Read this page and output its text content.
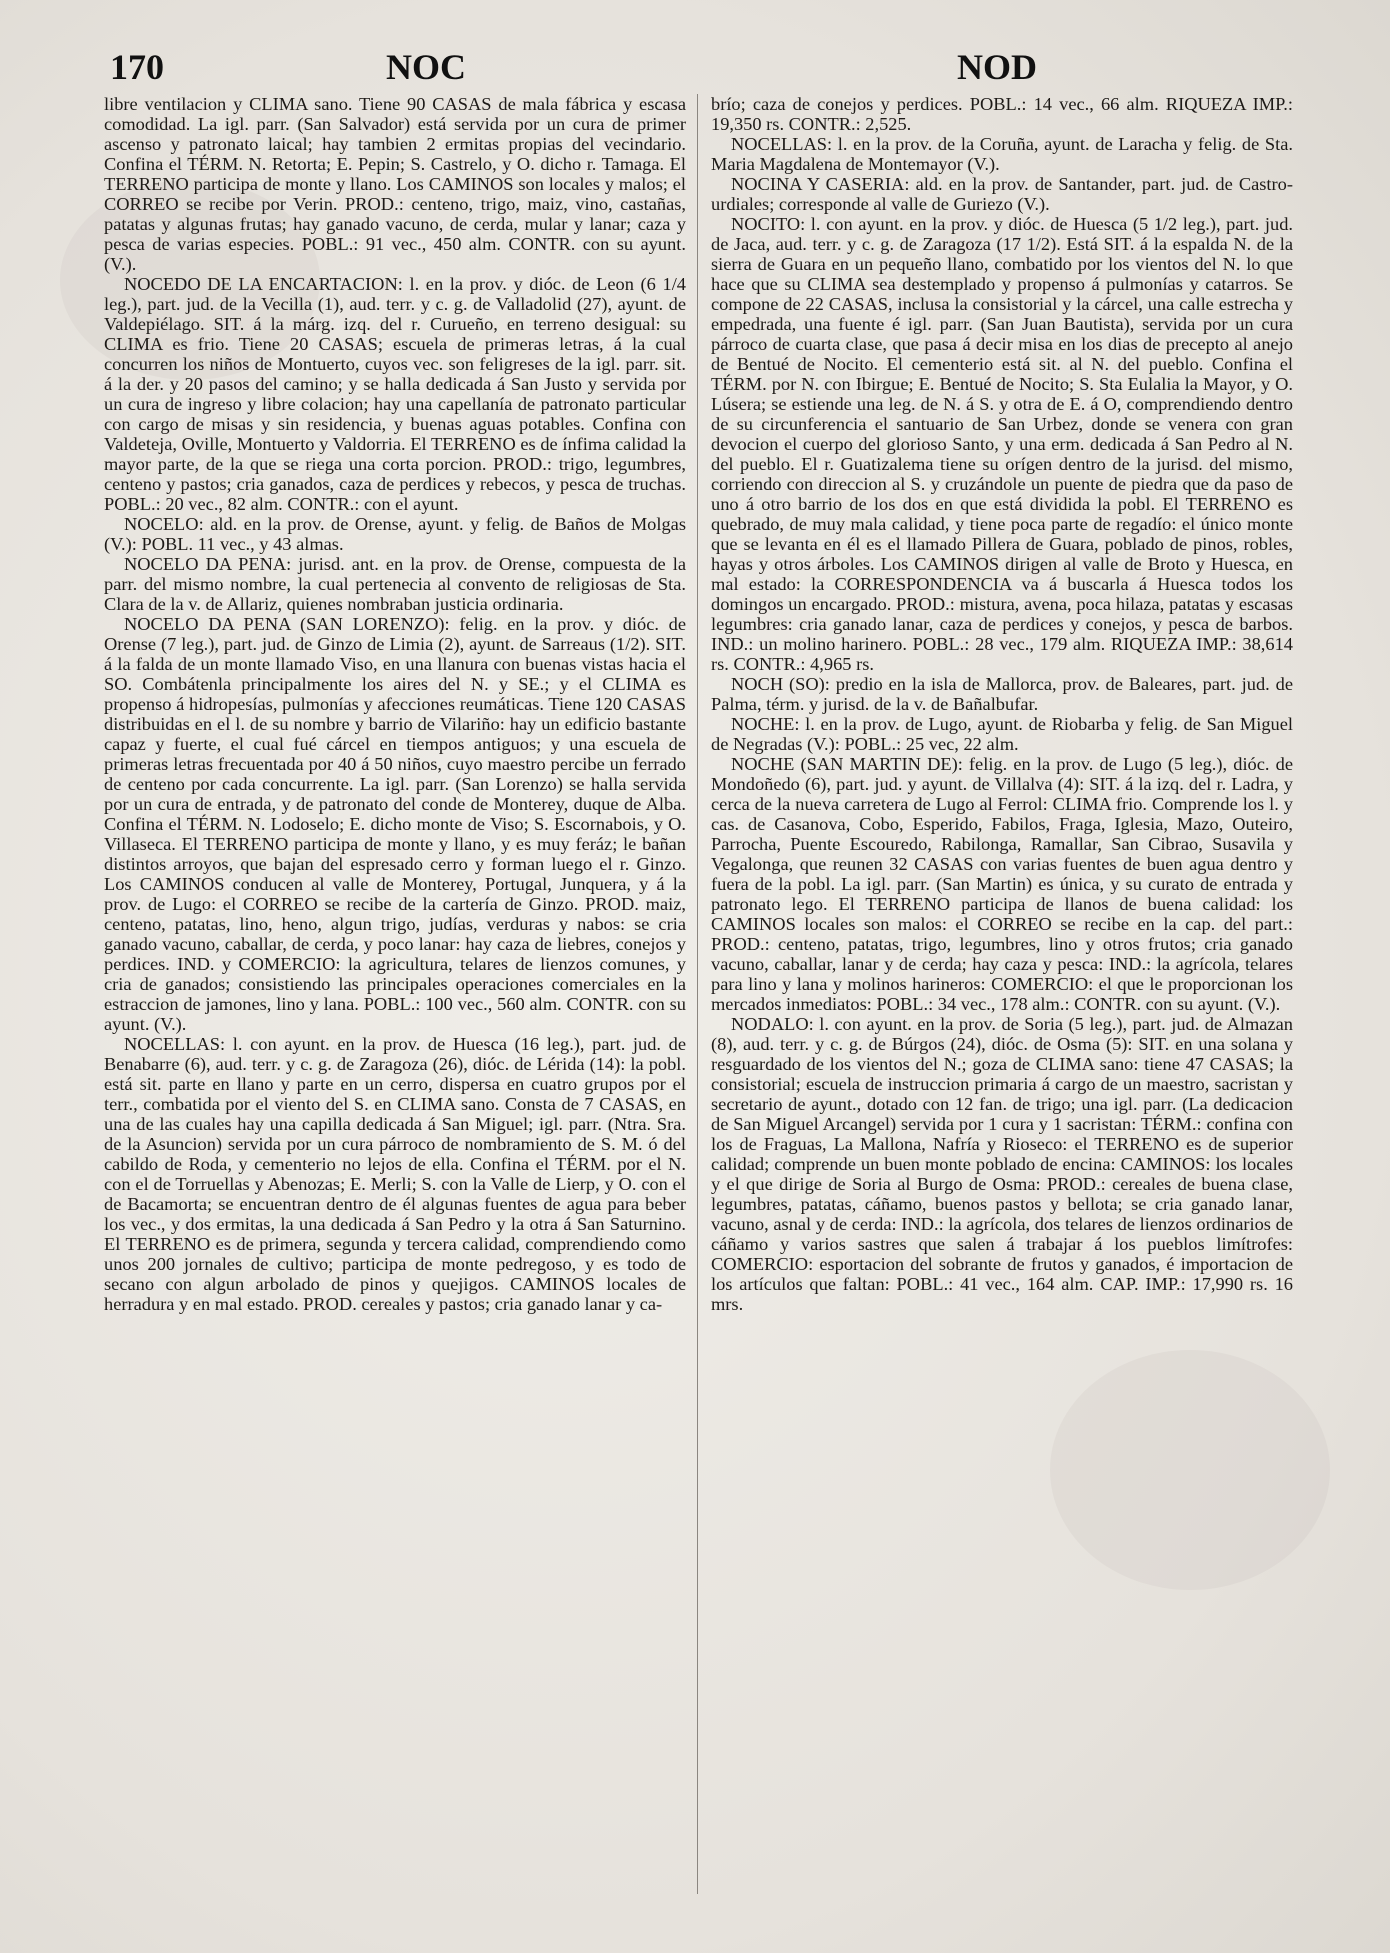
170	NOC	NOD

libre ventilacion y CLIMA sano. Tiene 90 CASAS de mala fábrica y escasa comodidad. La igl. parr. (San Salvador) está servida por un cura de primer ascenso y patronato laical; hay tambien 2 ermitas propias del vecindario. Confina el TÉRM. N. Retorta; E. Pepin; S. Castrelo, y O. dicho r. Tamaga. El TERRENO participa de monte y llano. Los CAMINOS son locales y malos; el CORREO se recibe por Verin. PROD.: centeno, trigo, maiz, vino, castañas, patatas y algunas frutas; hay ganado vacuno, de cerda, mular y lanar; caza y pesca de varias especies. POBL.: 91 vec., 450 alm. CONTR. con su ayunt. (V.).

NOCEDO DE LA ENCARTACION: l. en la prov. y dióc. de Leon (6 1/4 leg.), part. jud. de la Vecilla (1), aud. terr. y c. g. de Valladolid (27), ayunt. de Valdepiélago. SIT. á la márg. izq. del r. Curueño, en terreno desigual: su CLIMA es frio. Tiene 20 CASAS; escuela de primeras letras, á la cual concurren los niños de Montuerto, cuyos vec. son feligreses de la igl. parr. sit. á la der. y 20 pasos del camino; y se halla dedicada á San Justo y servida por un cura de ingreso y libre colacion; hay una capellanía de patronato particular con cargo de misas y sin residencia, y buenas aguas potables. Confina con Valdeteja, Oville, Montuerto y Valdorria. El TERRENO es de ínfima calidad la mayor parte, de la que se riega una corta porcion. PROD.: trigo, legumbres, centeno y pastos; cria ganados, caza de perdices y rebecos, y pesca de truchas. POBL.: 20 vec., 82 alm. CONTR.: con el ayunt.

NOCELO: ald. en la prov. de Orense, ayunt. y felig. de Baños de Molgas (V.): POBL. 11 vec., y 43 almas.

NOCELO DA PENA: jurisd. ant. en la prov. de Orense, compuesta de la parr. del mismo nombre, la cual pertenecia al convento de religiosas de Sta. Clara de la v. de Allariz, quienes nombraban justicia ordinaria.

NOCELO DA PENA (SAN LORENZO): felig. en la prov. y dióc. de Orense (7 leg.), part. jud. de Ginzo de Limia (2), ayunt. de Sarreaus (1/2). SIT. á la falda de un monte llamado Viso, en una llanura con buenas vistas hacia el SO. Combátenla principalmente los aires del N. y SE.; y el CLIMA es propenso á hidropesías, pulmonías y afecciones reumáticas. Tiene 120 CASAS distribuidas en el l. de su nombre y barrio de Vilariño: hay un edificio bastante capaz y fuerte, el cual fué cárcel en tiempos antiguos; y una escuela de primeras letras frecuentada por 40 á 50 niños, cuyo maestro percibe un ferrado de centeno por cada concurrente. La igl. parr. (San Lorenzo) se halla servida por un cura de entrada, y de patronato del conde de Monterey, duque de Alba. Confina el TÉRM. N. Lodoselo; E. dicho monte de Viso; S. Escornabois, y O. Villaseca. El TERRENO participa de monte y llano, y es muy feráz; le bañan distintos arroyos, que bajan del espresado cerro y forman luego el r. Ginzo. Los CAMINOS conducen al valle de Monterey, Portugal, Junquera, y á la prov. de Lugo: el CORREO se recibe de la cartería de Ginzo. PROD. maiz, centeno, patatas, lino, heno, algun trigo, judías, verduras y nabos: se cria ganado vacuno, caballar, de cerda, y poco lanar: hay caza de liebres, conejos y perdices. IND. y COMERCIO: la agricultura, telares de lienzos comunes, y cria de ganados; consistiendo las principales operaciones comerciales en la estraccion de jamones, lino y lana. POBL.: 100 vec., 560 alm. CONTR. con su ayunt. (V.).

NOCELLAS: l. con ayunt. en la prov. de Huesca (16 leg.), part. jud. de Benabarre (6), aud. terr. y c. g. de Zaragoza (26), dióc. de Lérida (14): la pobl. está sit. parte en llano y parte en un cerro, dispersa en cuatro grupos por el terr., combatida por el viento del S. en CLIMA sano. Consta de 7 CASAS, en una de las cuales hay una capilla dedicada á San Miguel; igl. parr. (Ntra. Sra. de la Asuncion) servida por un cura párroco de nombramiento de S. M. ó del cabildo de Roda, y cementerio no lejos de ella. Confina el TÉRM. por el N. con el de Torruellas y Abenozas; E. Merli; S. con la Valle de Lierp, y O. con el de Bacamorta; se encuentran dentro de él algunas fuentes de agua para beber los vec., y dos ermitas, la una dedicada á San Pedro y la otra á San Saturnino. El TERRENO es de primera, segunda y tercera calidad, comprendiendo como unos 200 jornales de cultivo; participa de monte pedregoso, y es todo de secano con algun arbolado de pinos y quejigos. CAMINOS locales de herradura y en mal estado. PROD. cereales y pastos; cria ganado lanar y ca-

brío; caza de conejos y perdices. POBL.: 14 vec., 66 alm. RIQUEZA IMP.: 19,350 rs. CONTR.: 2,525.

NOCELLAS: l. en la prov. de la Coruña, ayunt. de Laracha y felig. de Sta. Maria Magdalena de Montemayor (V.).

NOCINA Y CASERIA: ald. en la prov. de Santander, part. jud. de Castro-urdiales; corresponde al valle de Guriezo (V.).

NOCITO: l. con ayunt. en la prov. y dióc. de Huesca (5 1/2 leg.), part. jud. de Jaca, aud. terr. y c. g. de Zaragoza (17 1/2). Está SIT. á la espalda N. de la sierra de Guara en un pequeño llano, combatido por los vientos del N. lo que hace que su CLIMA sea destemplado y propenso á pulmonías y catarros. Se compone de 22 CASAS, inclusa la consistorial y la cárcel, una calle estrecha y empedrada, una fuente é igl. parr. (San Juan Bautista), servida por un cura párroco de cuarta clase, que pasa á decir misa en los dias de precepto al anejo de Bentué de Nocito. El cementerio está sit. al N. del pueblo. Confina el TÉRM. por N. con Ibirgue; E. Bentué de Nocito; S. Sta Eulalia la Mayor, y O. Lúsera; se estiende una leg. de N. á S. y otra de E. á O, comprendiendo dentro de su circunferencia el santuario de San Urbez, donde se venera con gran devocion el cuerpo del glorioso Santo, y una erm. dedicada á San Pedro al N. del pueblo. El r. Guatizalema tiene su orígen dentro de la jurisd. del mismo, corriendo con direccion al S. y cruzándole un puente de piedra que da paso de uno á otro barrio de los dos en que está dividida la pobl. El TERRENO es quebrado, de muy mala calidad, y tiene poca parte de regadío: el único monte que se levanta en él es el llamado Pillera de Guara, poblado de pinos, robles, hayas y otros árboles. Los CAMINOS dirigen al valle de Broto y Huesca, en mal estado: la CORRESPONDENCIA va á buscarla á Huesca todos los domingos un encargado. PROD.: mistura, avena, poca hilaza, patatas y escasas legumbres: cria ganado lanar, caza de perdices y conejos, y pesca de barbos. IND.: un molino harinero. POBL.: 28 vec., 179 alm. RIQUEZA IMP.: 38,614 rs. CONTR.: 4,965 rs.

NOCH (SO): predio en la isla de Mallorca, prov. de Baleares, part. jud. de Palma, térm. y jurisd. de la v. de Bañalbufar.

NOCHE: l. en la prov. de Lugo, ayunt. de Riobarba y felig. de San Miguel de Negradas (V.): POBL.: 25 vec, 22 alm.

NOCHE (SAN MARTIN DE): felig. en la prov. de Lugo (5 leg.), dióc. de Mondoñedo (6), part. jud. y ayunt. de Villalva (4): SIT. á la izq. del r. Ladra, y cerca de la nueva carretera de Lugo al Ferrol: CLIMA frio. Comprende los l. y cas. de Casanova, Cobo, Esperido, Fabilos, Fraga, Iglesia, Mazo, Outeiro, Parrocha, Puente Escouredo, Rabilonga, Ramallar, San Cibrao, Susavila y Vegalonga, que reunen 32 CASAS con varias fuentes de buen agua dentro y fuera de la pobl. La igl. parr. (San Martin) es única, y su curato de entrada y patronato lego. El TERRENO participa de llanos de buena calidad: los CAMINOS locales son malos: el CORREO se recibe en la cap. del part.: PROD.: centeno, patatas, trigo, legumbres, lino y otros frutos; cria ganado vacuno, caballar, lanar y de cerda; hay caza y pesca: IND.: la agrícola, telares para lino y lana y molinos harineros: COMERCIO: el que le proporcionan los mercados inmediatos: POBL.: 34 vec., 178 alm.: CONTR. con su ayunt. (V.).

NODALO: l. con ayunt. en la prov. de Soria (5 leg.), part. jud. de Almazan (8), aud. terr. y c. g. de Búrgos (24), dióc. de Osma (5): SIT. en una solana y resguardado de los vientos del N.; goza de CLIMA sano: tiene 47 CASAS; la consistorial; escuela de instruccion primaria á cargo de un maestro, sacristan y secretario de ayunt., dotado con 12 fan. de trigo; una igl. parr. (La dedicacion de San Miguel Arcangel) servida por 1 cura y 1 sacristan: TÉRM.: confina con los de Fraguas, La Mallona, Nafría y Rioseco: el TERRENO es de superior calidad; comprende un buen monte poblado de encina: CAMINOS: los locales y el que dirige de Soria al Burgo de Osma: PROD.: cereales de buena clase, legumbres, patatas, cáñamo, buenos pastos y bellota; se cria ganado lanar, vacuno, asnal y de cerda: IND.: la agrícola, dos telares de lienzos ordinarios de cáñamo y varios sastres que salen á trabajar á los pueblos limítrofes: COMERCIO: esportacion del sobrante de frutos y ganados, é importacion de los artículos que faltan: POBL.: 41 vec., 164 alm. CAP. IMP.: 17,990 rs. 16 mrs.
